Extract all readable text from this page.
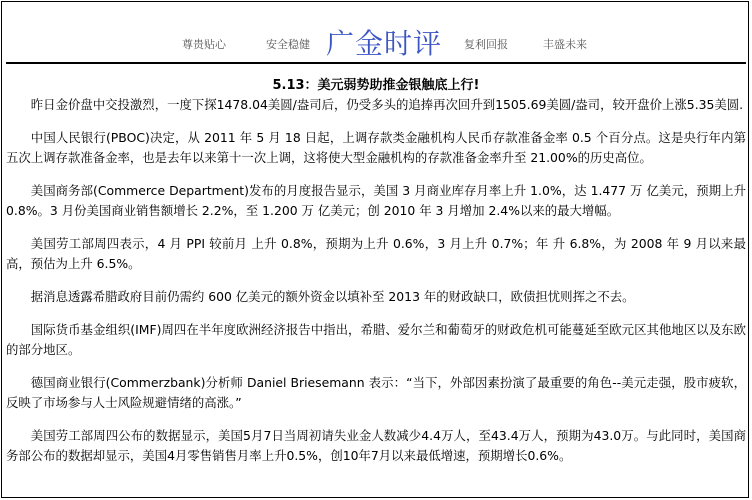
尊贵贴心	安全稳健 广金时评 复利回报	丰盛未来
5.13：美元弱势助推金银触底上行!

昨日金价盘中交投激烈，一度下探1478.04美圆/盎司后，仍受多头的追捧再次回升到1505.69美圆/盎司，较开盘价上涨5.35美圆.

中国人民银行(PBOC)决定，从 2011 年 5 月 18 日起，上调存款类金融机构人民币存款准备金率 0.5 个百分点。这是央行年内第五次上调存款准备金率，也是去年以来第十一次上调，这将使大型金融机构的存款准备金率升至 21.00%的历史高位。

美国商务部(Commerce Department)发布的月度报告显示，美国 3 月商业库存月率上升 1.0%，达 1.477 万 亿美元，预期上升 0.8%。3 月份美国商业销售额增长 2.2%，至 1.200 万 亿美元；创 2010 年 3 月增加 2.4%以来的最大增幅。

美国劳工部周四表示，4 月 PPI 较前月 上升 0.8%，预期为上升 0.6%，3 月上升 0.7%；年 升 6.8%，为 2008 年 9 月以来最高，预估为上升 6.5%。

据消息透露希腊政府目前仍需约 600 亿美元的额外资金以填补至 2013 年的财政缺口，欧债担忧则挥之不去。

国际货币基金组织(IMF)周四在半年度欧洲经济报告中指出，希腊、爱尔兰和葡萄牙的财政危机可能蔓延至欧元区其他地区以及东欧的部分地区。

德国商业银行(Commerzbank)分析师 Daniel Briesemann 表示：“当下，外部因素扮演了最重要的角色--美元走强，股市疲软，反映了市场参与人士风险规避情绪的高涨。”

美国劳工部周四公布的数据显示，美国5月7日当周初请失业金人数减少4.4万人，至43.4万人，预期为43.0万。与此同时，美国商务部公布的数据却显示，美国4月零售销售月率上升0.5%，创10年7月以来最低增速，预期增长0.6%。
